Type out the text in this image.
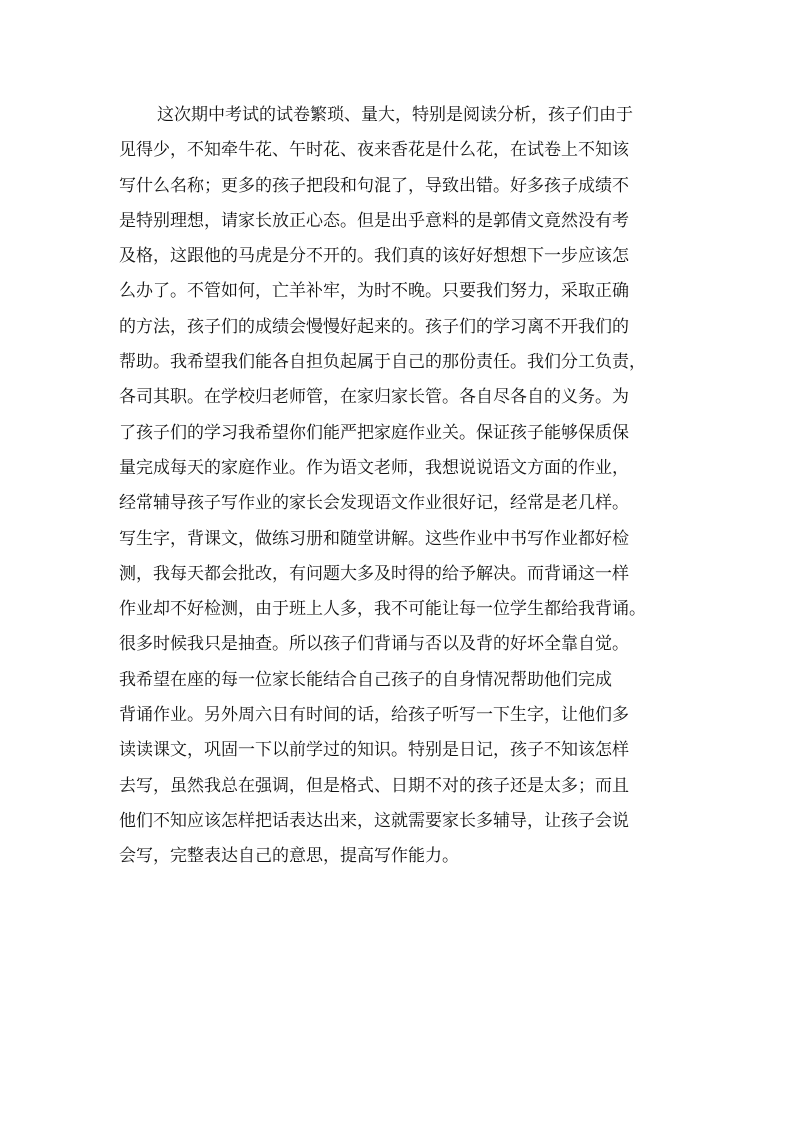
这次期中考试的试卷繁琐、量大，特别是阅读分析，孩子们由于
见得少，不知牵牛花、午时花、夜来香花是什么花，在试卷上不知该
写什么名称；更多的孩子把段和句混了，导致出错。好多孩子成绩不
是特别理想，请家长放正心态。但是出乎意料的是郭倩文竟然没有考
及格，这跟他的马虎是分不开的。我们真的该好好想想下一步应该怎
么办了。不管如何，亡羊补牢，为时不晚。只要我们努力，采取正确
的方法，孩子们的成绩会慢慢好起来的。孩子们的学习离不开我们的
帮助。我希望我们能各自担负起属于自己的那份责任。我们分工负责，
各司其职。在学校归老师管，在家归家长管。各自尽各自的义务。为
了孩子们的学习我希望你们能严把家庭作业关。保证孩子能够保质保
量完成每天的家庭作业。作为语文老师，我想说说语文方面的作业，
经常辅导孩子写作业的家长会发现语文作业很好记，经常是老几样。
写生字，背课文，做练习册和随堂讲解。这些作业中书写作业都好检
测，我每天都会批改，有问题大多及时得的给予解决。而背诵这一样
作业却不好检测，由于班上人多，我不可能让每一位学生都给我背诵。
很多时候我只是抽查。所以孩子们背诵与否以及背的好坏全靠自觉。
我希望在座的每一位家长能结合自己孩子的自身情况帮助他们完成
背诵作业。另外周六日有时间的话，给孩子听写一下生字，让他们多
读读课文，巩固一下以前学过的知识。特别是日记，孩子不知该怎样
去写，虽然我总在强调，但是格式、日期不对的孩子还是太多；而且
他们不知应该怎样把话表达出来，这就需要家长多辅导，让孩子会说
会写，完整表达自己的意思，提高写作能力。
